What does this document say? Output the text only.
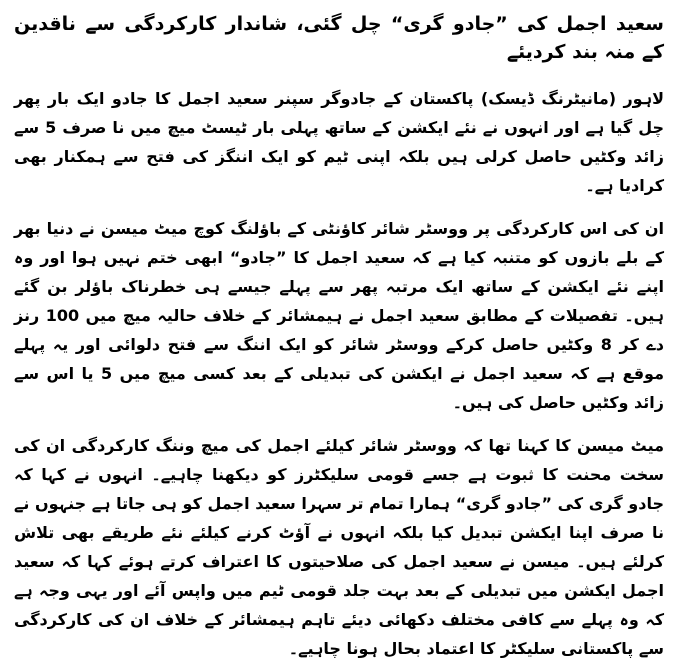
سعید اجمل کی ”جادو گری“ چل گئی، شاندار کارکردگی سے ناقدین کے منہ بند کردیئے

لاہور (مانیٹرنگ ڈیسک) پاکستان کے جادوگر سپنر سعید اجمل کا جادو ایک بار پھر چل گیا ہے اور انہوں نے نئے ایکشن کے ساتھ پہلی بار ٹیسٹ میچ میں نا صرف 5 سے زائد وکٹیں حاصل کرلی ہیں بلکہ اپنی ٹیم کو ایک اننگز کی فتح سے ہمکنار بھی کرادیا ہے۔

ان کی اس کارکردگی پر ووسٹر شائر کاؤنٹی کے باؤلنگ کوچ میٹ میسن نے دنیا بھر کے بلے بازوں کو متنبہ کیا ہے کہ سعید اجمل کا ”جادو“ ابھی ختم نہیں ہوا اور وہ اپنے نئے ایکشن کے ساتھ ایک مرتبہ پھر سے پہلے جیسے ہی خطرناک باؤلر بن گئے ہیں۔ تفصیلات کے مطابق سعید اجمل نے ہیمشائر کے خلاف حالیہ میچ میں 100 رنز دے کر 8 وکٹیں حاصل کرکے ووسٹر شائر کو ایک اننگ سے فتح دلوائی اور یہ پہلے موقع ہے کہ سعید اجمل نے ایکشن کی تبدیلی کے بعد کسی میچ میں 5 یا اس سے زائد وکٹیں حاصل کی ہیں۔

میٹ میسن کا کہنا تھا کہ ووسٹر شائر کیلئے اجمل کی میچ وننگ کارکردگی ان کی سخت محنت کا ثبوت ہے جسے قومی سلیکٹرز کو دیکھنا چاہیے۔ انہوں نے کہا کہ جادو گری کی ”جادو گری“ ہمارا تمام تر سہرا سعید اجمل کو ہی جاتا ہے جنہوں نے نا صرف اپنا ایکشن تبدیل کیا بلکہ انہوں نے آؤٹ کرنے کیلئے نئے طریقے بھی تلاش کرلئے ہیں۔ میسن نے سعید اجمل کی صلاحیتوں کا اعتراف کرتے ہوئے کہا کہ سعید اجمل ایکشن میں تبدیلی کے بعد بہت جلد قومی ٹیم میں واپس آئے اور یہی وجہ ہے کہ وہ پہلے سے کافی مختلف دکھائی دیئے تاہم ہیمشائر کے خلاف ان کی کارکردگی سے پاکستانی سلیکٹر کا اعتماد بحال ہونا چاہیے۔
